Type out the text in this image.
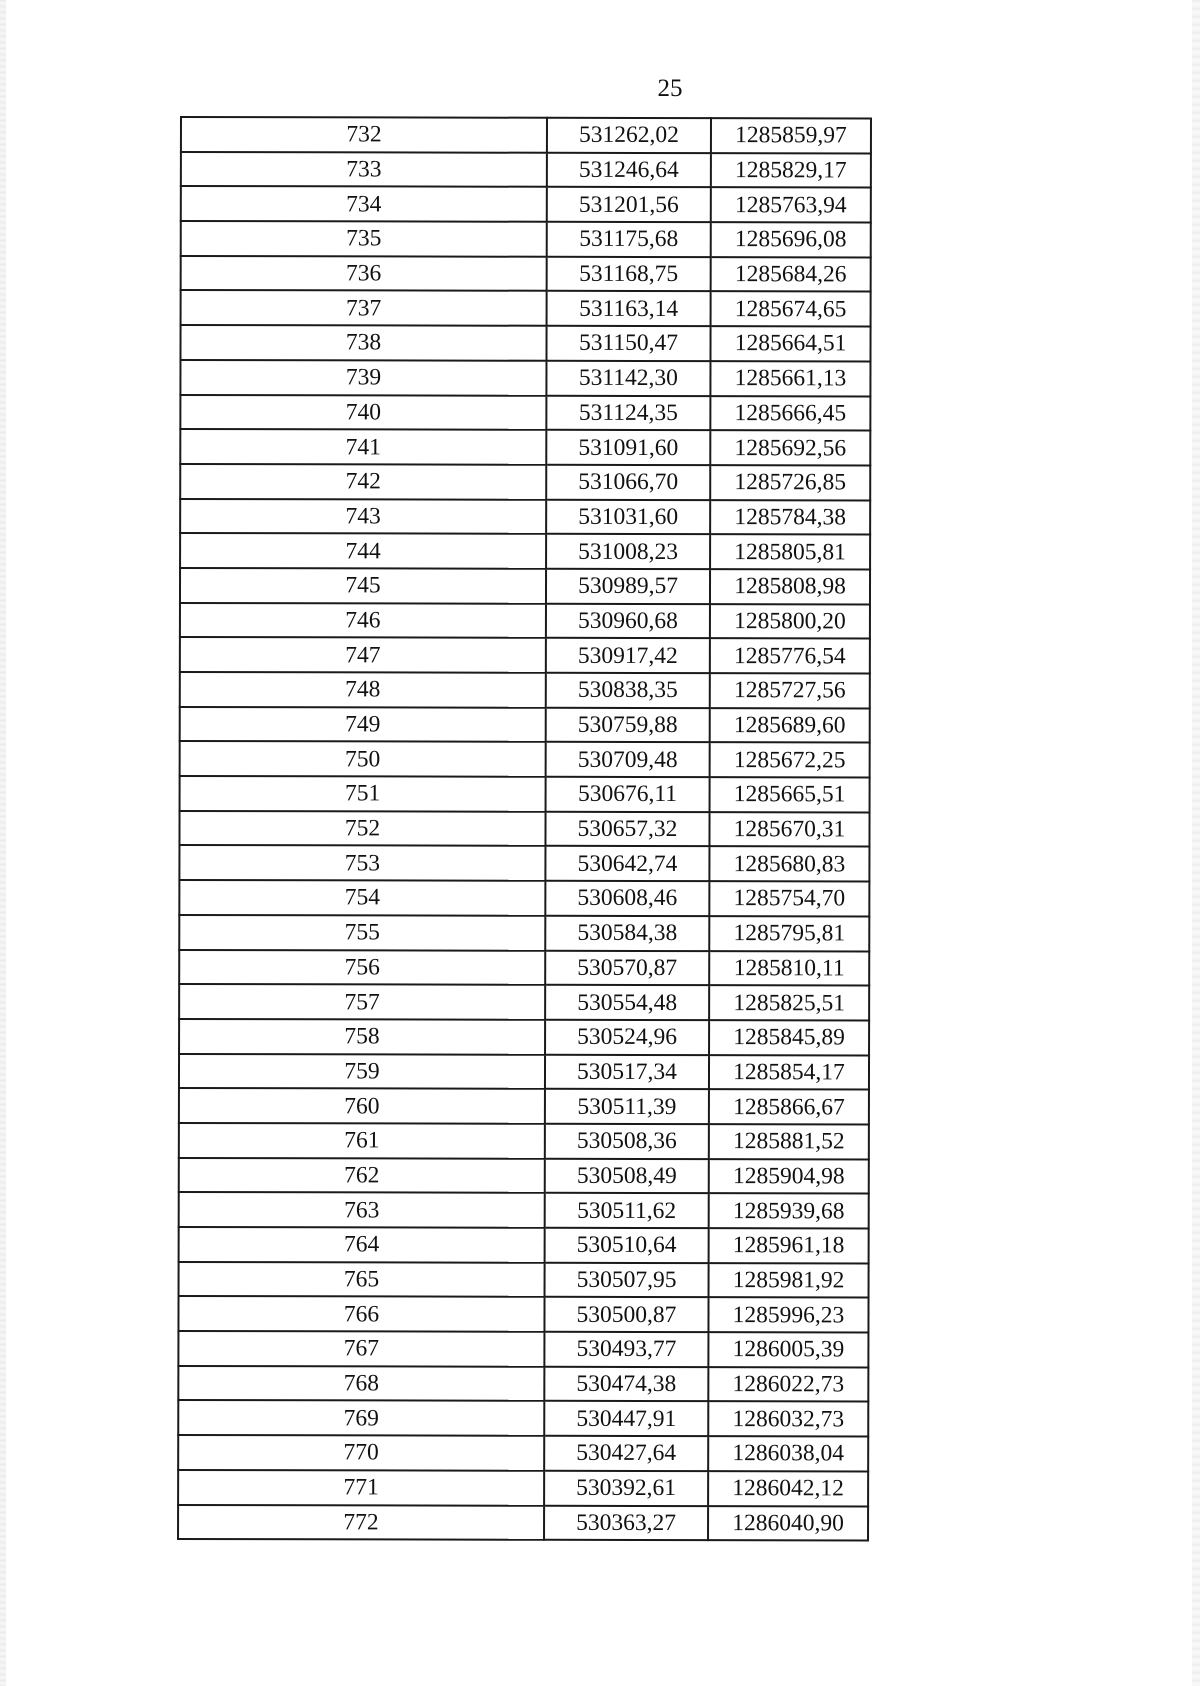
25
732	531262,02	1285859,97
733	531246,64	1285829,17
734	531201,56	1285763,94
735	531175,68	1285696,08
736	531168,75	1285684,26
737	531163,14	1285674,65
738	531150,47	1285664,51
739	531142,30	1285661,13
740	531124,35	1285666,45
741	531091,60	1285692,56
742	531066,70	1285726,85
743	531031,60	1285784,38
744	531008,23	1285805,81
745	530989,57	1285808,98
746	530960,68	1285800,20
747	530917,42	1285776,54
748	530838,35	1285727,56
749	530759,88	1285689,60
750	530709,48	1285672,25
751	530676,11	1285665,51
752	530657,32	1285670,31
753	530642,74	1285680,83
754	530608,46	1285754,70
755	530584,38	1285795,81
756	530570,87	1285810,11
757	530554,48	1285825,51
758	530524,96	1285845,89
759	530517,34	1285854,17
760	530511,39	1285866,67
761	530508,36	1285881,52
762	530508,49	1285904,98
763	530511,62	1285939,68
764	530510,64	1285961,18
765	530507,95	1285981,92
766	530500,87	1285996,23
767	530493,77	1286005,39
768	530474,38	1286022,73
769	530447,91	1286032,73
770	530427,64	1286038,04
771	530392,61	1286042,12
772	530363,27	1286040,90
